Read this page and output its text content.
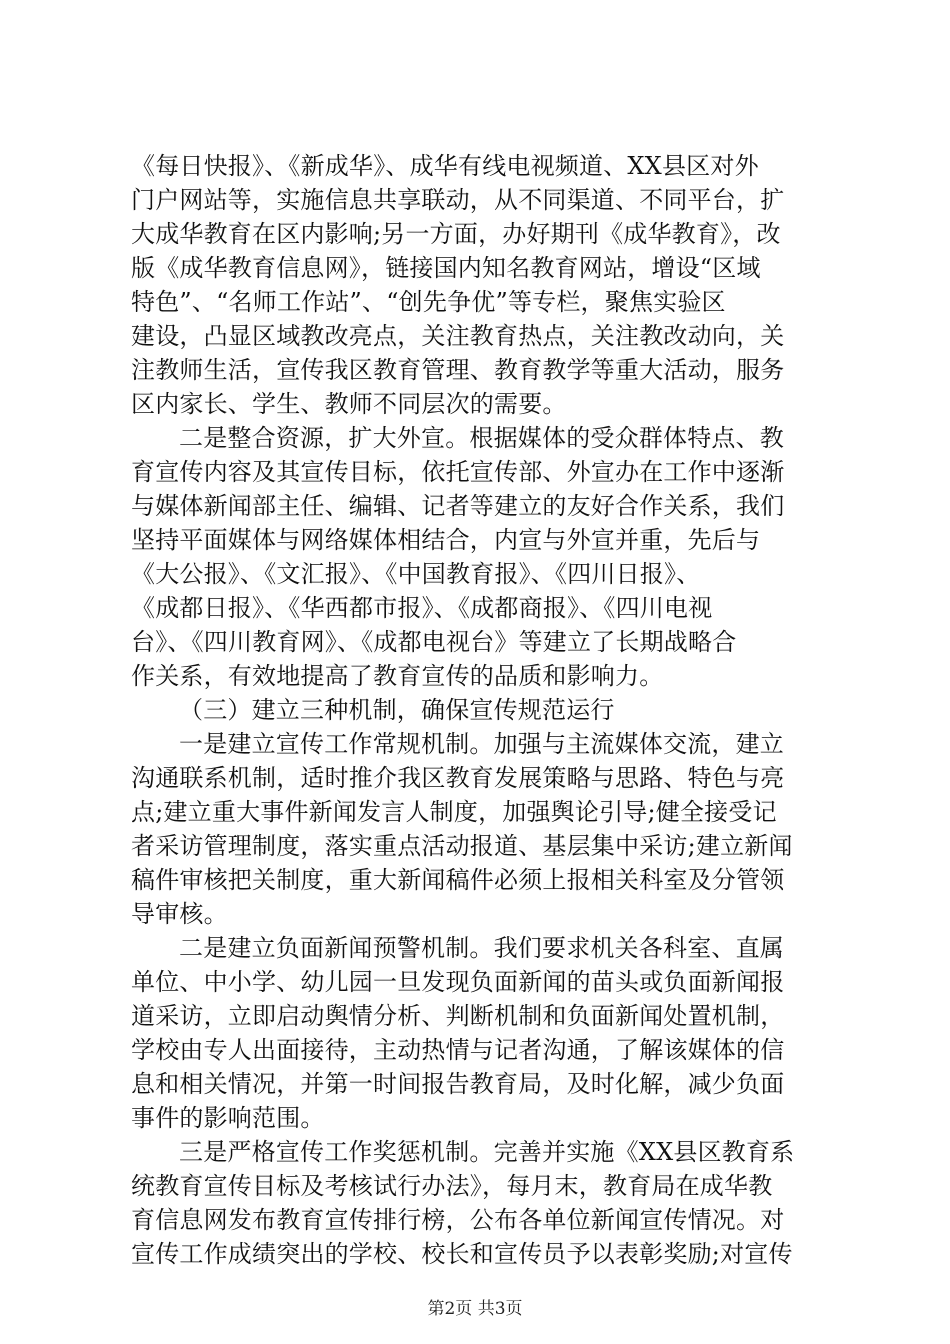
《每日快报》、《新成华》、成华有线电视频道、XX县区对外
门户网站等，实施信息共享联动，从不同渠道、不同平台，扩
大成华教育在区内影响;另一方面，办好期刊《成华教育》，改
版《成华教育信息网》，链接国内知名教育网站，增设“区域
特色”、“名师工作站”、“创先争优”等专栏，聚焦实验区
建设，凸显区域教改亮点，关注教育热点，关注教改动向，关
注教师生活，宣传我区教育管理、教育教学等重大活动，服务
区内家长、学生、教师不同层次的需要。
二是整合资源，扩大外宣。根据媒体的受众群体特点、教
育宣传内容及其宣传目标，依托宣传部、外宣办在工作中逐渐
与媒体新闻部主任、编辑、记者等建立的友好合作关系，我们
坚持平面媒体与网络媒体相结合，内宣与外宣并重，先后与
《大公报》、《文汇报》、《中国教育报》、《四川日报》、
《成都日报》、《华西都市报》、《成都商报》、《四川电视
台》、《四川教育网》、《成都电视台》等建立了长期战略合
作关系，有效地提高了教育宣传的品质和影响力。
（三）建立三种机制，确保宣传规范运行
一是建立宣传工作常规机制。加强与主流媒体交流，建立
沟通联系机制，适时推介我区教育发展策略与思路、特色与亮
点;建立重大事件新闻发言人制度，加强舆论引导;健全接受记
者采访管理制度，落实重点活动报道、基层集中采访;建立新闻
稿件审核把关制度，重大新闻稿件必须上报相关科室及分管领
导审核。
二是建立负面新闻预警机制。我们要求机关各科室、直属
单位、中小学、幼儿园一旦发现负面新闻的苗头或负面新闻报
道采访，立即启动舆情分析、判断机制和负面新闻处置机制，
学校由专人出面接待，主动热情与记者沟通，了解该媒体的信
息和相关情况，并第一时间报告教育局，及时化解，减少负面
事件的影响范围。
三是严格宣传工作奖惩机制。完善并实施《XX县区教育系
统教育宣传目标及考核试行办法》，每月末，教育局在成华教
育信息网发布教育宣传排行榜，公布各单位新闻宣传情况。对
宣传工作成绩突出的学校、校长和宣传员予以表彰奖励;对宣传
第2页 共3页
